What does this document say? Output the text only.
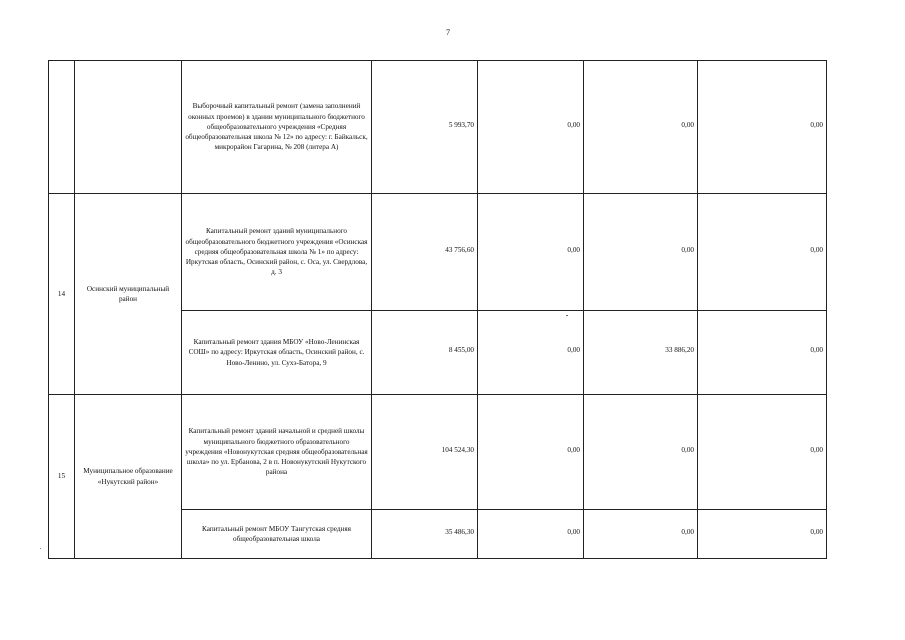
7
		Выборочный капитальный ремонт (замена заполнений оконных проемов) в здании муниципального бюджетного общеобразовательного учреждения «Средняя общеобразовательная школа № 12» по адресу: г. Байкальск, микрорайон Гагарина, № 208 (литера А)	5 993,70	0,00	0,00	0,00
14	Осинский муниципальный район	Капитальный ремонт зданий муниципального общеобразовательного бюджетного учреждения «Осинская средняя общеобразовательная школа № 1» по адресу: Иркутская область, Осинский район, с. Оса, ул. Свердлова, д. 3	43 756,60	0,00	0,00	0,00
		Капитальный ремонт здания МБОУ «Ново-Ленинская СОШ» по адресу: Иркутская область, Осинский район, с. Ново-Ленино, ул. Сухэ-Батора, 9	8 455,00	0,00	33 886,20	0,00
15	Муниципальное образование «Нукутский район»	Капитальный ремонт зданий начальной и средней школы муниципального бюджетного образовательного учреждения «Новонукутская средняя общеобразовательная школа» по ул. Ербанова, 2 в п. Новонукутский Нукутского района	104 524,30	0,00	0,00	0,00
		Капитальный ремонт МБОУ Тангутская средняя общеобразовательная школа	35 486,30	0,00	0,00	0,00
